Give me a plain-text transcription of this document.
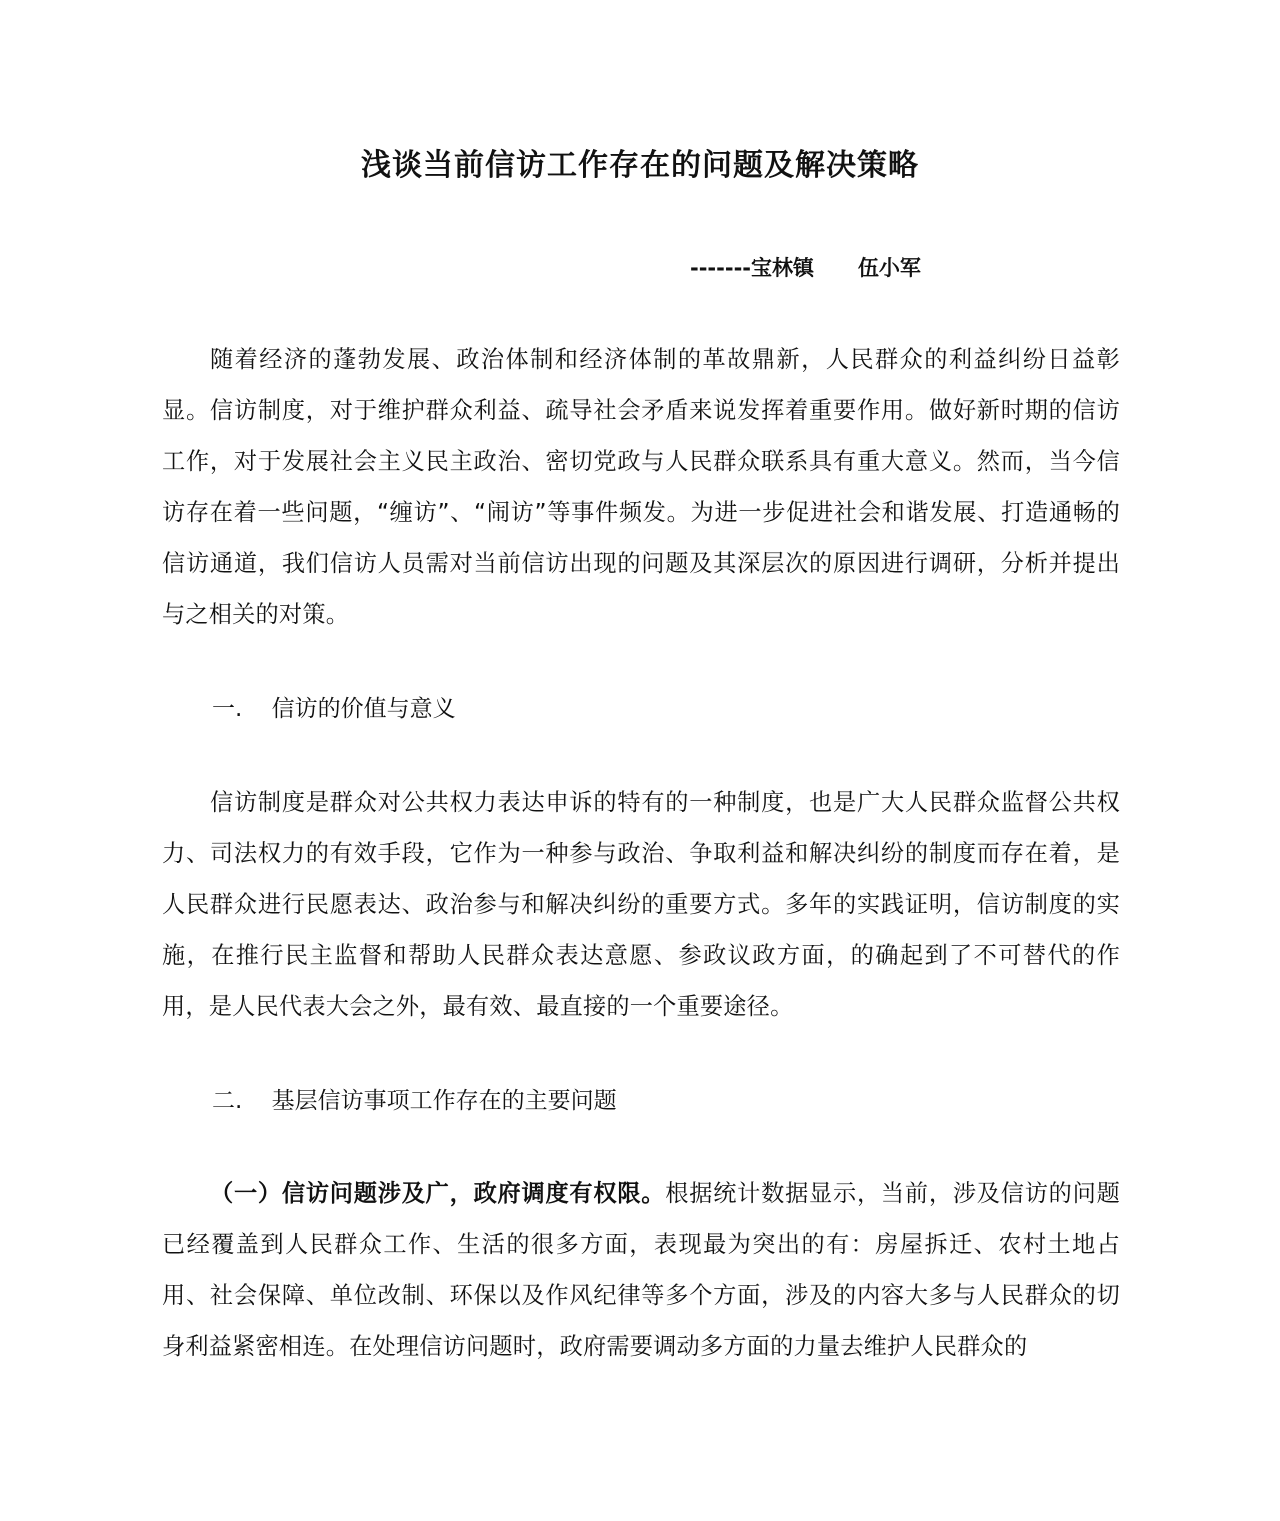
浅谈当前信访工作存在的问题及解决策略
-------宝林镇      伍小军
随着经济的蓬勃发展、政治体制和经济体制的革故鼎新，人民群众的利益纠纷日益彰显。信访制度，对于维护群众利益、疏导社会矛盾来说发挥着重要作用。做好新时期的信访工作，对于发展社会主义民主政治、密切党政与人民群众联系具有重大意义。然而，当今信访存在着一些问题，“缠访”、“闹访”等事件频发。为进一步促进社会和谐发展、打造通畅的信访通道，我们信访人员需对当前信访出现的问题及其深层次的原因进行调研，分析并提出与之相关的对策。
一. 信访的价值与意义
信访制度是群众对公共权力表达申诉的特有的一种制度，也是广大人民群众监督公共权力、司法权力的有效手段，它作为一种参与政治、争取利益和解决纠纷的制度而存在着，是人民群众进行民愿表达、政治参与和解决纠纷的重要方式。多年的实践证明，信访制度的实施，在推行民主监督和帮助人民群众表达意愿、参政议政方面，的确起到了不可替代的作用，是人民代表大会之外，最有效、最直接的一个重要途径。
二. 基层信访事项工作存在的主要问题
（一）信访问题涉及广，政府调度有权限。根据统计数据显示，当前，涉及信访的问题已经覆盖到人民群众工作、生活的很多方面，表现最为突出的有：房屋拆迁、农村土地占用、社会保障、单位改制、环保以及作风纪律等多个方面，涉及的内容大多与人民群众的切身利益紧密相连。在处理信访问题时，政府需要调动多方面的力量去维护人民群众的
